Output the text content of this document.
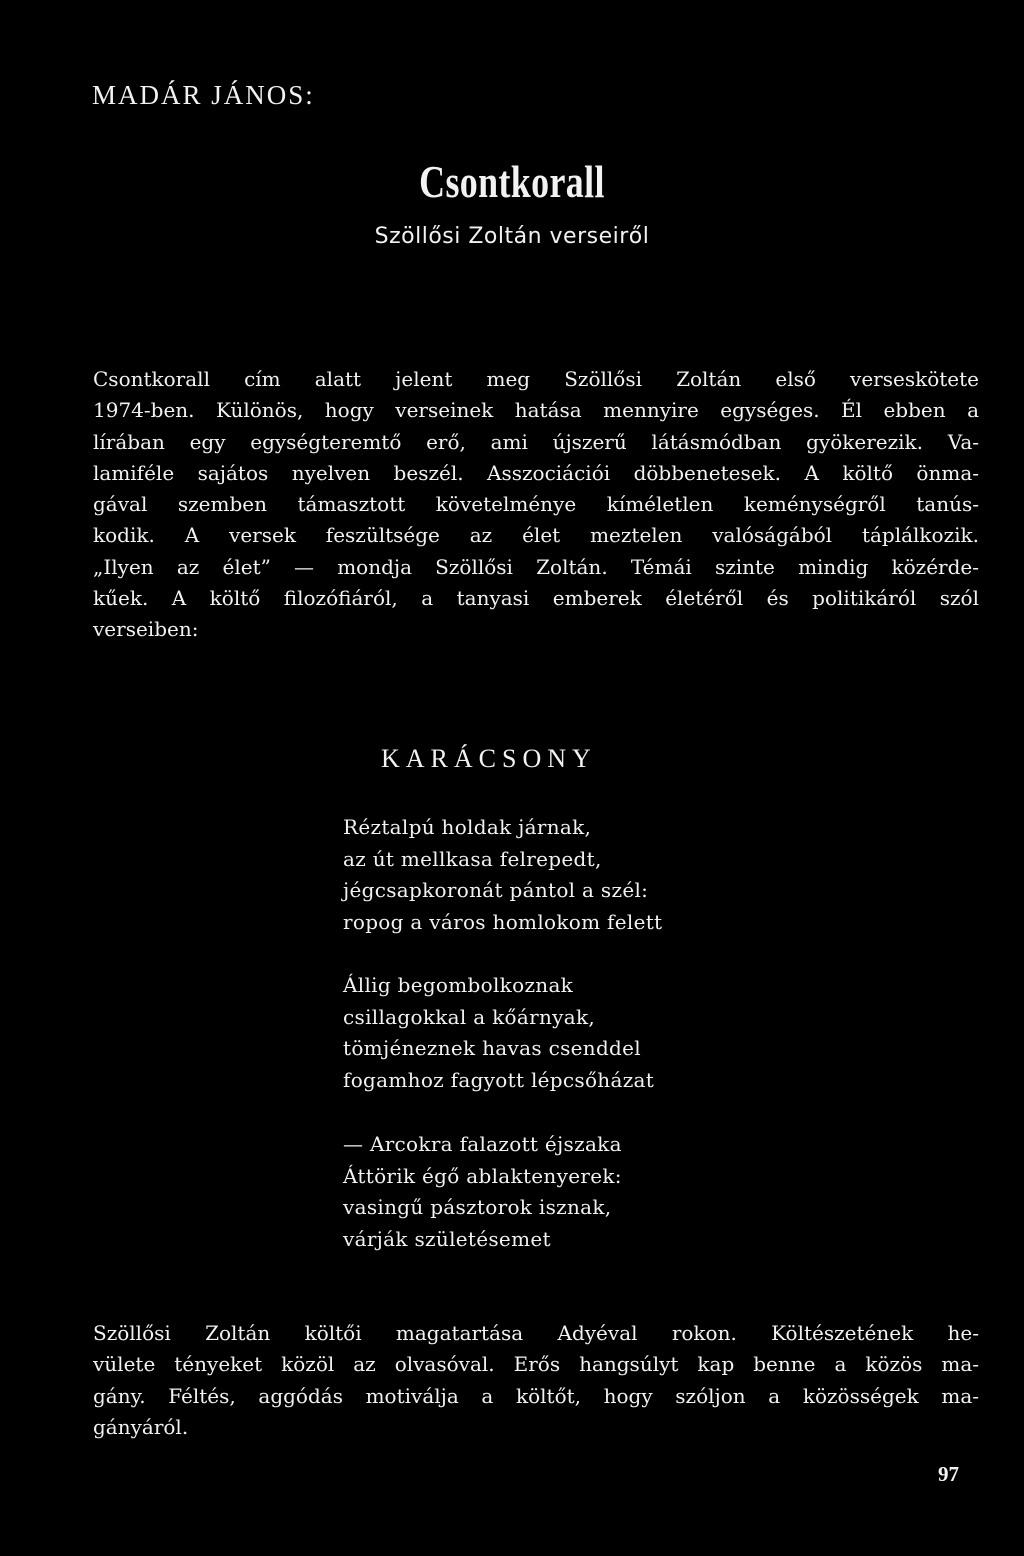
MADÁR JÁNOS:
Csontkorall
Szöllősi Zoltán verseiről
Csontkorall cím alatt jelent meg Szöllősi Zoltán első verseskötete
1974-ben. Különös, hogy verseinek hatása mennyire egységes. Él ebben a
lírában egy egységteremtő erő, ami újszerű látásmódban gyökerezik. Va-
lamiféle sajátos nyelven beszél. Asszociációi döbbenetesek. A költő önma-
gával szemben támasztott követelménye kíméletlen keménységről tanús-
kodik. A versek feszültsége az élet meztelen valóságából táplálkozik.
„Ilyen az élet” — mondja Szöllősi Zoltán. Témái szinte mindig közérde-
kűek. A költő filozófiáról, a tanyasi emberek életéről és politikáról szól
verseiben:
KARÁCSONY
Réztalpú holdak járnak,
az út mellkasa felrepedt,
jégcsapkoronát pántol a szél:
ropog a város homlokom felett
Állig begombolkoznak
csillagokkal a kőárnyak,
tömjéneznek havas csenddel
fogamhoz fagyott lépcsőházat
— Arcokra falazott éjszaka
Áttörik égő ablaktenyerek:
vasingű pásztorok isznak,
várják születésemet
Szöllősi Zoltán költői magatartása Adyéval rokon. Költészetének he-
vülete tényeket közöl az olvasóval. Erős hangsúlyt kap benne a közös ma-
gány. Féltés, aggódás motiválja a költőt, hogy szóljon a közösségek ma-
gányáról.
97
